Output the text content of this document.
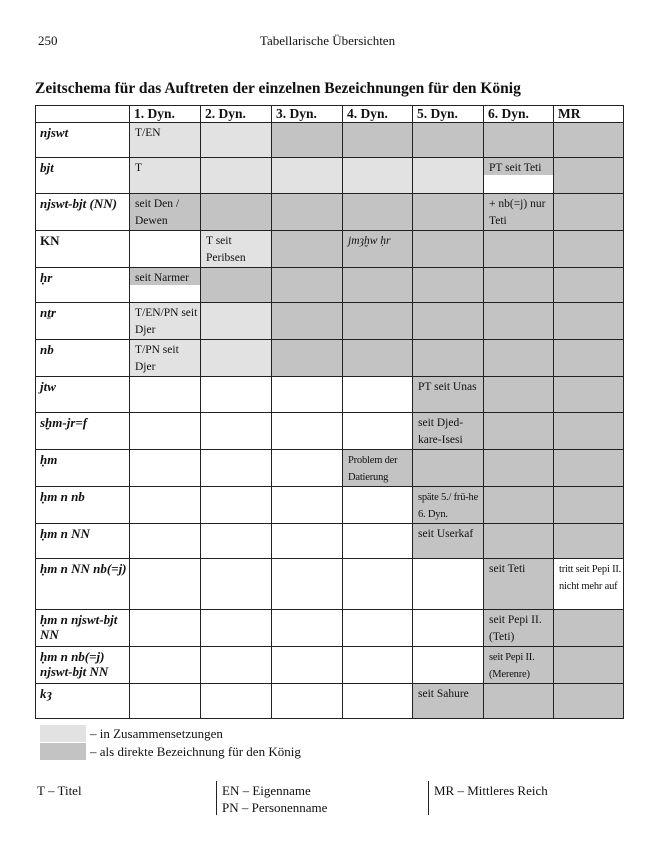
250	Tabellarische Übersichten
Zeitschema für das Auftreten der einzelnen Bezeichnungen für den König
	1. Dyn.	2. Dyn.	3. Dyn.	4. Dyn.	5. Dyn.	6. Dyn.	MR

njswt	T/EN						

bjt	T					PT seit Teti	

njswt-bjt (NN)	seit Den / Dewen					+ nb(=j) nur Teti	

KN		T seit Peribsen		jmȝḫw ḥr			

ḥr	seit Narmer						

nṯr	T/EN/PN seit Djer						

nb	T/PN seit Djer						

jtw					PT seit Unas		

sḫm-jr=f					seit Djed-kare-Isesi		

ḥm				Problem der Datierung			

ḥm n nb					späte 5./ frü-he 6. Dyn.		

ḥm n NN					seit Userkaf		

ḥm n NN nb(=j)						seit Teti	tritt seit Pepi II. nicht mehr auf

ḥm n njswt-bjt NN						seit Pepi II. (Teti)	

ḥm n nb(=j) njswt-bjt NN						seit Pepi II. (Merenre)	

kȝ					seit Sahure		

– in Zusammensetzungen
– als direkte Bezeichnung für den König
T – Titel	EN – Eigenname
PN – Personenname
MR – Mittleres Reich
